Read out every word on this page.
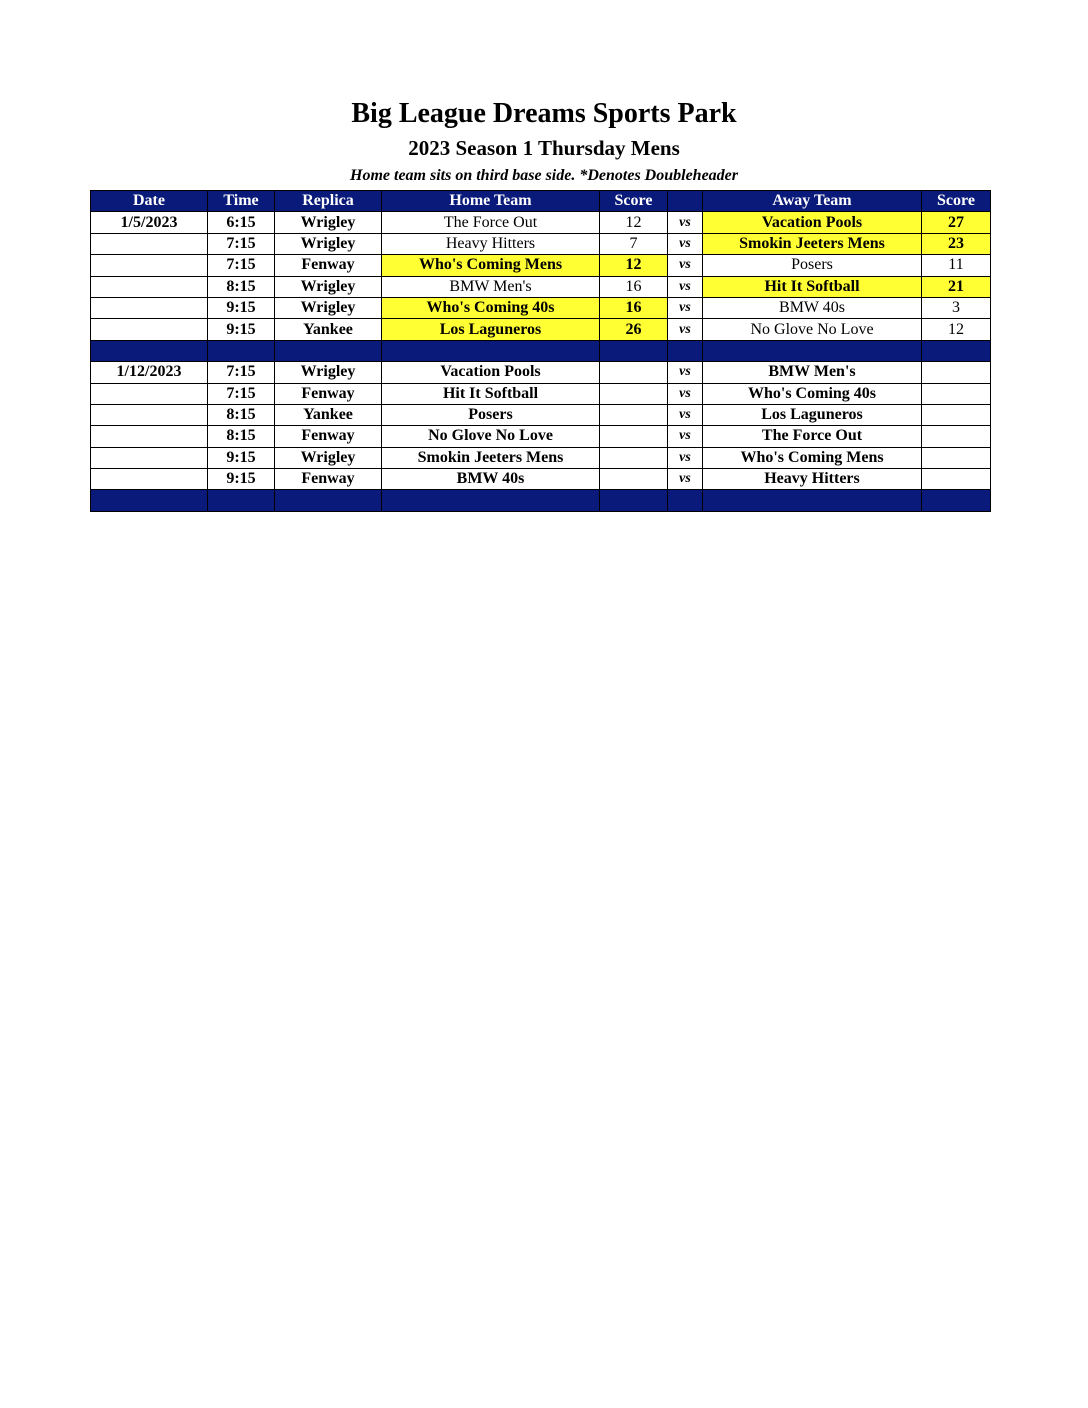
Big League Dreams Sports Park
2023 Season 1 Thursday Mens
Home team sits on third base side. *Denotes Doubleheader
Date	Time	Replica	Home Team	Score		Away Team	Score
1/5/2023	6:15	Wrigley	The Force Out	12	vs	Vacation Pools	27
	7:15	Wrigley	Heavy Hitters	7	vs	Smokin Jeeters Mens	23
	7:15	Fenway	Who's Coming Mens	12	vs	Posers	11
	8:15	Wrigley	BMW Men's	16	vs	Hit It Softball	21
	9:15	Wrigley	Who's Coming 40s	16	vs	BMW 40s	3
	9:15	Yankee	Los Laguneros	26	vs	No Glove No Love	12

1/12/2023	7:15	Wrigley	Vacation Pools		vs	BMW Men's	
	7:15	Fenway	Hit It Softball		vs	Who's Coming 40s	
	8:15	Yankee	Posers		vs	Los Laguneros	
	8:15	Fenway	No Glove No Love		vs	The Force Out	
	9:15	Wrigley	Smokin Jeeters Mens		vs	Who's Coming Mens	
	9:15	Fenway	BMW 40s		vs	Heavy Hitters	
